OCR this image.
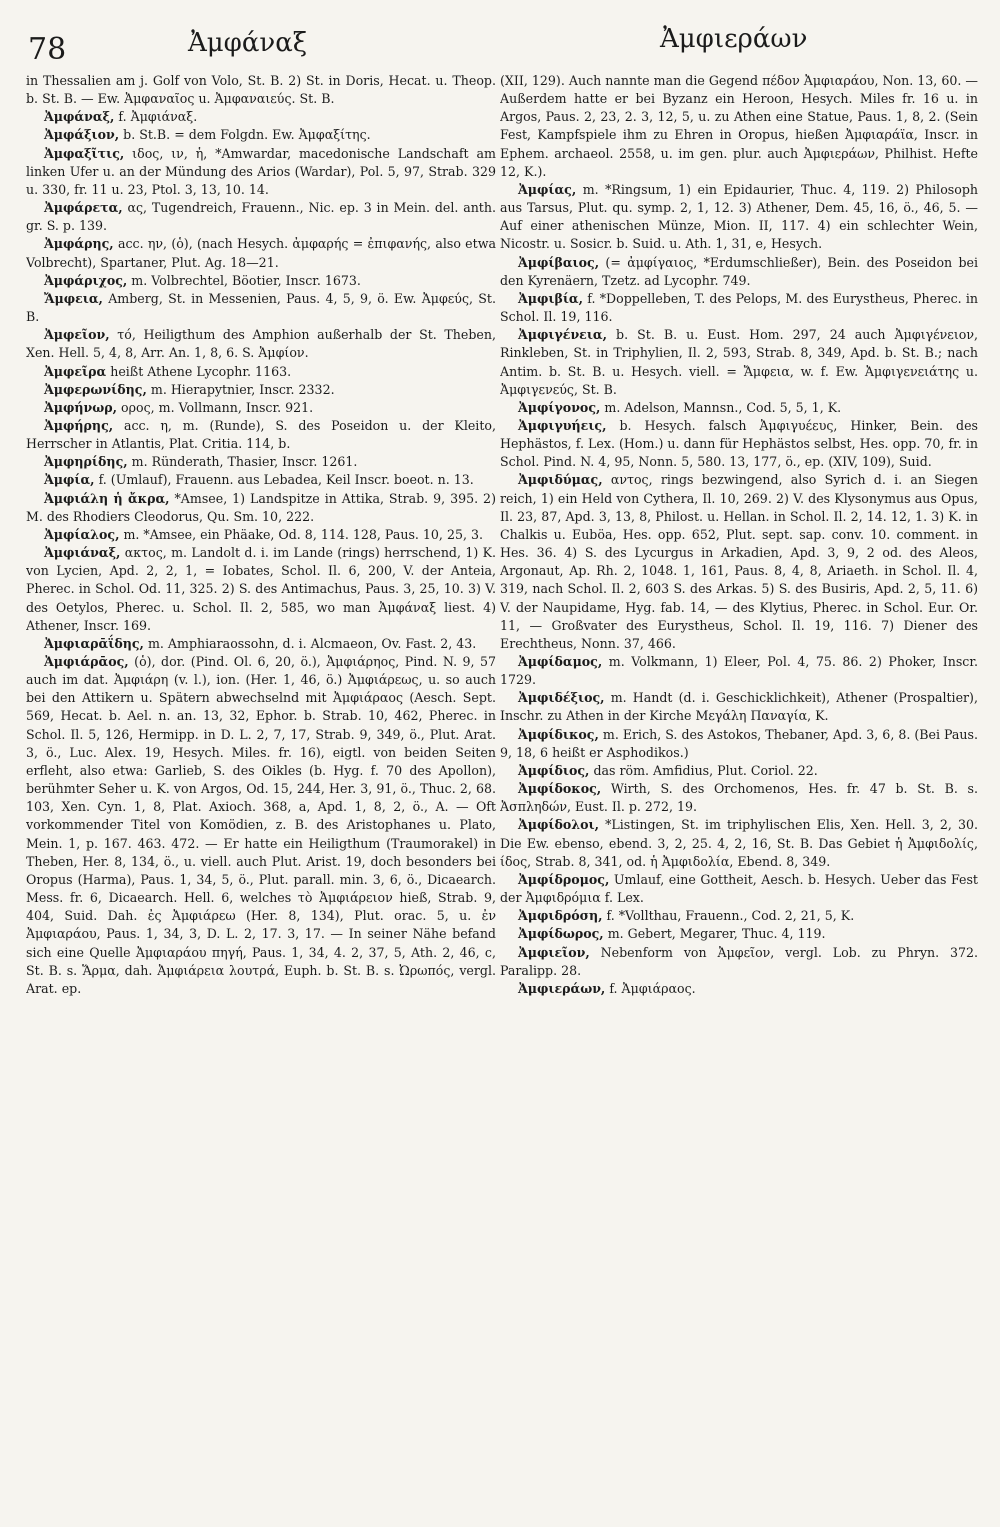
78	Ἀμφάναξ	Ἀμφιεράων

in Thessalien am j. Golf von Volo, St. B. 2) St. in Doris, Hecat. u. Theop. b. St. B. — Ew. Ἀμφαναῖος u. Ἀμφαναιεύς. St. B.

Ἀμφάναξ, f. Ἀμφιάναξ.

Ἀμφάξιον, b. St.B. = dem Folgdn. Ew. Ἀμφαξίτης.

Ἀμφαξῖτις, ιδος, ιν, ἡ, *Amwardar, macedonische Landschaft am linken Ufer u. an der Mündung des Arios (Wardar), Pol. 5, 97, Strab. 329 u. 330, fr. 11 u. 23, Ptol. 3, 13, 10. 14.

Ἀμφάρετα, ας, Tugendreich, Frauenn., Nic. ep. 3 in Mein. del. anth. gr. S. p. 139.

Ἀμφάρης, acc. ην, (ὁ), (nach Hesych. ἀμφαρής = ἐπιφανής, also etwa Volbrecht), Spartaner, Plut. Ag. 18—21.

Ἀμφάριχος, m. Volbrechtel, Böotier, Inscr. 1673.

Ἄμφεια, Amberg, St. in Messenien, Paus. 4, 5, 9, ö. Ew. Ἀμφεύς, St. B.

Ἀμφεῖον, τό, Heiligthum des Amphion außerhalb der St. Theben, Xen. Hell. 5, 4, 8, Arr. An. 1, 8, 6. S. Ἀμφίον.

Ἀμφεῖρα heißt Athene Lycophr. 1163.

Ἀμφερωνίδης, m. Hierapytnier, Inscr. 2332.

Ἀμφήνωρ, ορος, m. Vollmann, Inscr. 921.

Ἀμφήρης, acc. η, m. (Runde), S. des Poseidon u. der Kleito, Herrscher in Atlantis, Plat. Critia. 114, b.

Ἀμφηρίδης, m. Ründerath, Thasier, Inscr. 1261.

Ἀμφία, f. (Umlauf), Frauenn. aus Lebadea, Keil Inscr. boeot. n. 13.

Ἀμφιάλη ἡ ἄκρα, *Amsee, 1) Landspitze in Attika, Strab. 9, 395. 2) M. des Rhodiers Cleodorus, Qu. Sm. 10, 222.

Ἀμφίαλος, m. *Amsee, ein Phäake, Od. 8, 114. 128, Paus. 10, 25, 3.

Ἀμφιάναξ, ακτος, m. Landolt d. i. im Lande (rings) herrschend, 1) K. von Lycien, Apd. 2, 2, 1, = Iobates, Schol. Il. 6, 200, V. der Anteia, Pherec. in Schol. Od. 11, 325. 2) S. des Antimachus, Paus. 3, 25, 10. 3) V. des Oetylos, Pherec. u. Schol. Il. 2, 585, wo man Ἀμφάναξ liest. 4) Athener, Inscr. 169.

Ἀμφιαρᾱΐδης, m. Amphiaraossohn, d. i. Alcmaeon, Ov. Fast. 2, 43.

Ἀμφιάρᾱος, (ὁ), dor. (Pind. Ol. 6, 20, ö.), Ἀμφιάρηος, Pind. N. 9, 57 auch im dat. Ἀμφιάρη (v. l.), ion. (Her. 1, 46, ö.) Ἀμφιάρεως, u. so auch bei den Attikern u. Spätern abwechselnd mit Ἀμφιάραος (Aesch. Sept. 569, Hecat. b. Ael. n. an. 13, 32, Ephor. b. Strab. 10, 462, Pherec. in Schol. Il. 5, 126, Hermipp. in D. L. 2, 7, 17, Strab. 9, 349, ö., Plut. Arat. 3, ö., Luc. Alex. 19, Hesych. Miles. fr. 16), eigtl. von beiden Seiten erfleht, also etwa: Garlieb, S. des Oikles (b. Hyg. f. 70 des Apollon), berühmter Seher u. K. von Argos, Od. 15, 244, Her. 3, 91, ö., Thuc. 2, 68. 103, Xen. Cyn. 1, 8, Plat. Axioch. 368, a, Apd. 1, 8, 2, ö., A. — Oft vorkommender Titel von Komödien, z. B. des Aristophanes u. Plato, Mein. 1, p. 167. 463. 472. — Er hatte ein Heiligthum (Traumorakel) in Theben, Her. 8, 134, ö., u. viell. auch Plut. Arist. 19, doch besonders bei Oropus (Harma), Paus. 1, 34, 5, ö., Plut. parall. min. 3, 6, ö., Dicaearch. Mess. fr. 6, Dicaearch. Hell. 6, welches τὸ Ἀμφιάρειον hieß, Strab. 9, 404, Suid. Dah. ἐς Ἀμφιάρεω (Her. 8, 134), Plut. orac. 5, u. ἐν Ἀμφιαράου, Paus. 1, 34, 3, D. L. 2, 17. 3, 17. — In seiner Nähe befand sich eine Quelle Ἀμφιαράου πηγή, Paus. 1, 34, 4. 2, 37, 5, Ath. 2, 46, c, St. B. s. Ἅρμα, dah. Ἀμφιάρεια λουτρά, Euph. b. St. B. s. Ὠρωπός, vergl. Arat. ep.

(XII, 129). Auch nannte man die Gegend πέδον Ἀμφιαράου, Non. 13, 60. — Außerdem hatte er bei Byzanz ein Heroon, Hesych. Miles fr. 16 u. in Argos, Paus. 2, 23, 2. 3, 12, 5, u. zu Athen eine Statue, Paus. 1, 8, 2. (Sein Fest, Kampfspiele ihm zu Ehren in Oropus, hießen Ἀμφιαράϊα, Inscr. in Ephem. archaeol. 2558, u. im gen. plur. auch Ἀμφιεράων, Philhist. Hefte 12, K.).

Ἀμφίας, m. *Ringsum, 1) ein Epidaurier, Thuc. 4, 119. 2) Philosoph aus Tarsus, Plut. qu. symp. 2, 1, 12. 3) Athener, Dem. 45, 16, ö., 46, 5. — Auf einer athenischen Münze, Mion. II, 117. 4) ein schlechter Wein, Nicostr. u. Sosicr. b. Suid. u. Ath. 1, 31, e, Hesych.

Ἀμφίβαιος, (= ἀμφίγαιος, *Erdumschließer), Bein. des Poseidon bei den Kyrenäern, Tzetz. ad Lycophr. 749.

Ἀμφιβία, f. *Doppelleben, T. des Pelops, M. des Eurystheus, Pherec. in Schol. Il. 19, 116.

Ἀμφιγένεια, b. St. B. u. Eust. Hom. 297, 24 auch Ἀμφιγένειον, Rinkleben, St. in Triphylien, Il. 2, 593, Strab. 8, 349, Apd. b. St. B.; nach Antim. b. St. B. u. Hesych. viell. = Ἄμφεια, w. f. Ew. Ἀμφιγενειάτης u. Ἀμφιγενεύς, St. B.

Ἀμφίγονος, m. Adelson, Mannsn., Cod. 5, 5, 1, K.

Ἀμφιγυήεις, b. Hesych. falsch Ἀμφιγυέευς, Hinker, Bein. des Hephästos, f. Lex. (Hom.) u. dann für Hephästos selbst, Hes. opp. 70, fr. in Schol. Pind. N. 4, 95, Nonn. 5, 580. 13, 177, ö., ep. (XIV, 109), Suid.

Ἀμφιδύμας, αντος, rings bezwingend, also Syrich d. i. an Siegen reich, 1) ein Held von Cythera, Il. 10, 269. 2) V. des Klysonymus aus Opus, Il. 23, 87, Apd. 3, 13, 8, Philost. u. Hellan. in Schol. Il. 2, 14. 12, 1. 3) K. in Chalkis u. Euböa, Hes. opp. 652, Plut. sept. sap. conv. 10. comment. in Hes. 36. 4) S. des Lycurgus in Arkadien, Apd. 3, 9, 2 od. des Aleos, Argonaut, Ap. Rh. 2, 1048. 1, 161, Paus. 8, 4, 8, Ariaeth. in Schol. Il. 4, 319, nach Schol. Il. 2, 603 S. des Arkas. 5) S. des Busiris, Apd. 2, 5, 11. 6) V. der Naupidame, Hyg. fab. 14, — des Klytius, Pherec. in Schol. Eur. Or. 11, — Großvater des Eurystheus, Schol. Il. 19, 116. 7) Diener des Erechtheus, Nonn. 37, 466.

Ἀμφίδαμος, m. Volkmann, 1) Eleer, Pol. 4, 75. 86. 2) Phoker, Inscr. 1729.

Ἀμφιδέξιος, m. Handt (d. i. Geschicklichkeit), Athener (Prospaltier), Inschr. zu Athen in der Kirche Μεγάλη Παναγία, K.

Ἀμφίδικος, m. Erich, S. des Astokos, Thebaner, Apd. 3, 6, 8. (Bei Paus. 9, 18, 6 heißt er Asphodikos.)

Ἀμφίδιος, das röm. Amfidius, Plut. Coriol. 22.

Ἀμφίδοκος, Wirth, S. des Orchomenos, Hes. fr. 47 b. St. B. s. Ἀσπληδών, Eust. Il. p. 272, 19.

Ἀμφίδολοι, *Listingen, St. im triphylischen Elis, Xen. Hell. 3, 2, 30. Die Ew. ebenso, ebend. 3, 2, 25. 4, 2, 16, St. B. Das Gebiet ἡ Ἀμφιδολίς, ίδος, Strab. 8, 341, od. ἡ Ἀμφιδολία, Ebend. 8, 349.

Ἀμφίδρομος, Umlauf, eine Gottheit, Aesch. b. Hesych. Ueber das Fest der Ἀμφιδρόμια f. Lex.

Ἀμφιδρόση, f. *Vollthau, Frauenn., Cod. 2, 21, 5, K.

Ἀμφίδωρος, m. Gebert, Megarer, Thuc. 4, 119.

Ἀμφιεῖον, Nebenform von Ἀμφεῖον, vergl. Lob. zu Phryn. 372. Paralipp. 28.

Ἀμφιεράων, f. Ἀμφιάραος.
